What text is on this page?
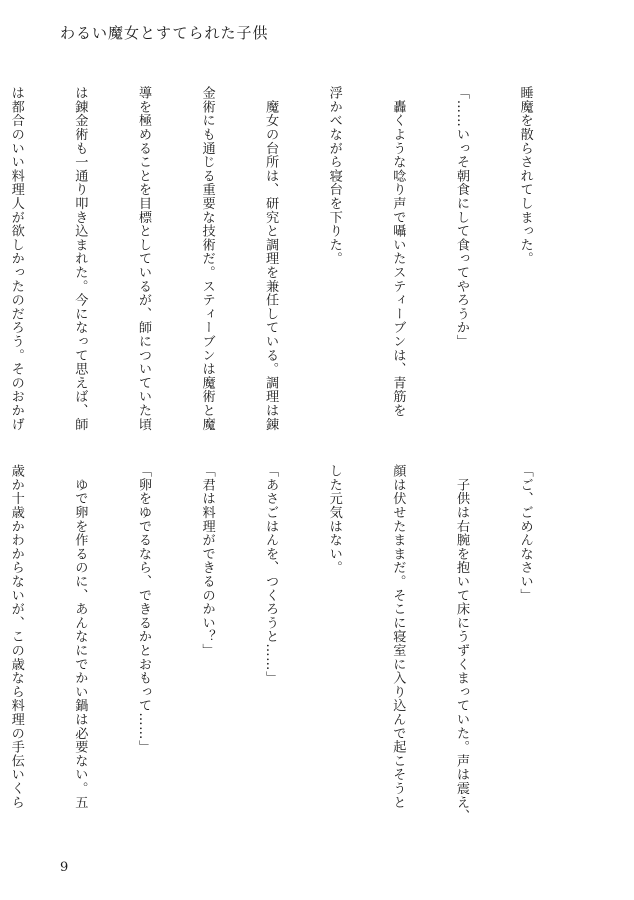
わるい魔女とすてられた子供

睡魔を散らされてしまった。

「……いっそ朝食にして食ってやろうか」

　轟くような唸り声で囁いたスティーブンは、青筋を

浮かべながら寝台を下りた。

　魔女の台所は、研究と調理を兼任している。調理は錬

金術にも通じる重要な技術だ。スティーブンは魔術と魔

導を極めることを目標としているが、師についていた頃

は錬金術も一通り叩き込まれた。今になって思えば、師

は都合のいい料理人が欲しかったのだろう。そのおかげ

「ご、ごめんなさい」

　子供は右腕を抱いて床にうずくまっていた。声は震え、

顔は伏せたままだ。そこに寝室に入り込んで起こそうと

した元気はない。

「あさごはんを、つくろうと……」

「君は料理ができるのかい？」

「卵をゆでるなら、できるかとおもって……」

　ゆで卵を作るのに、あんなにでかい鍋は必要ない。五

歳か十歳かわからないが、この歳なら料理の手伝いくら

9
